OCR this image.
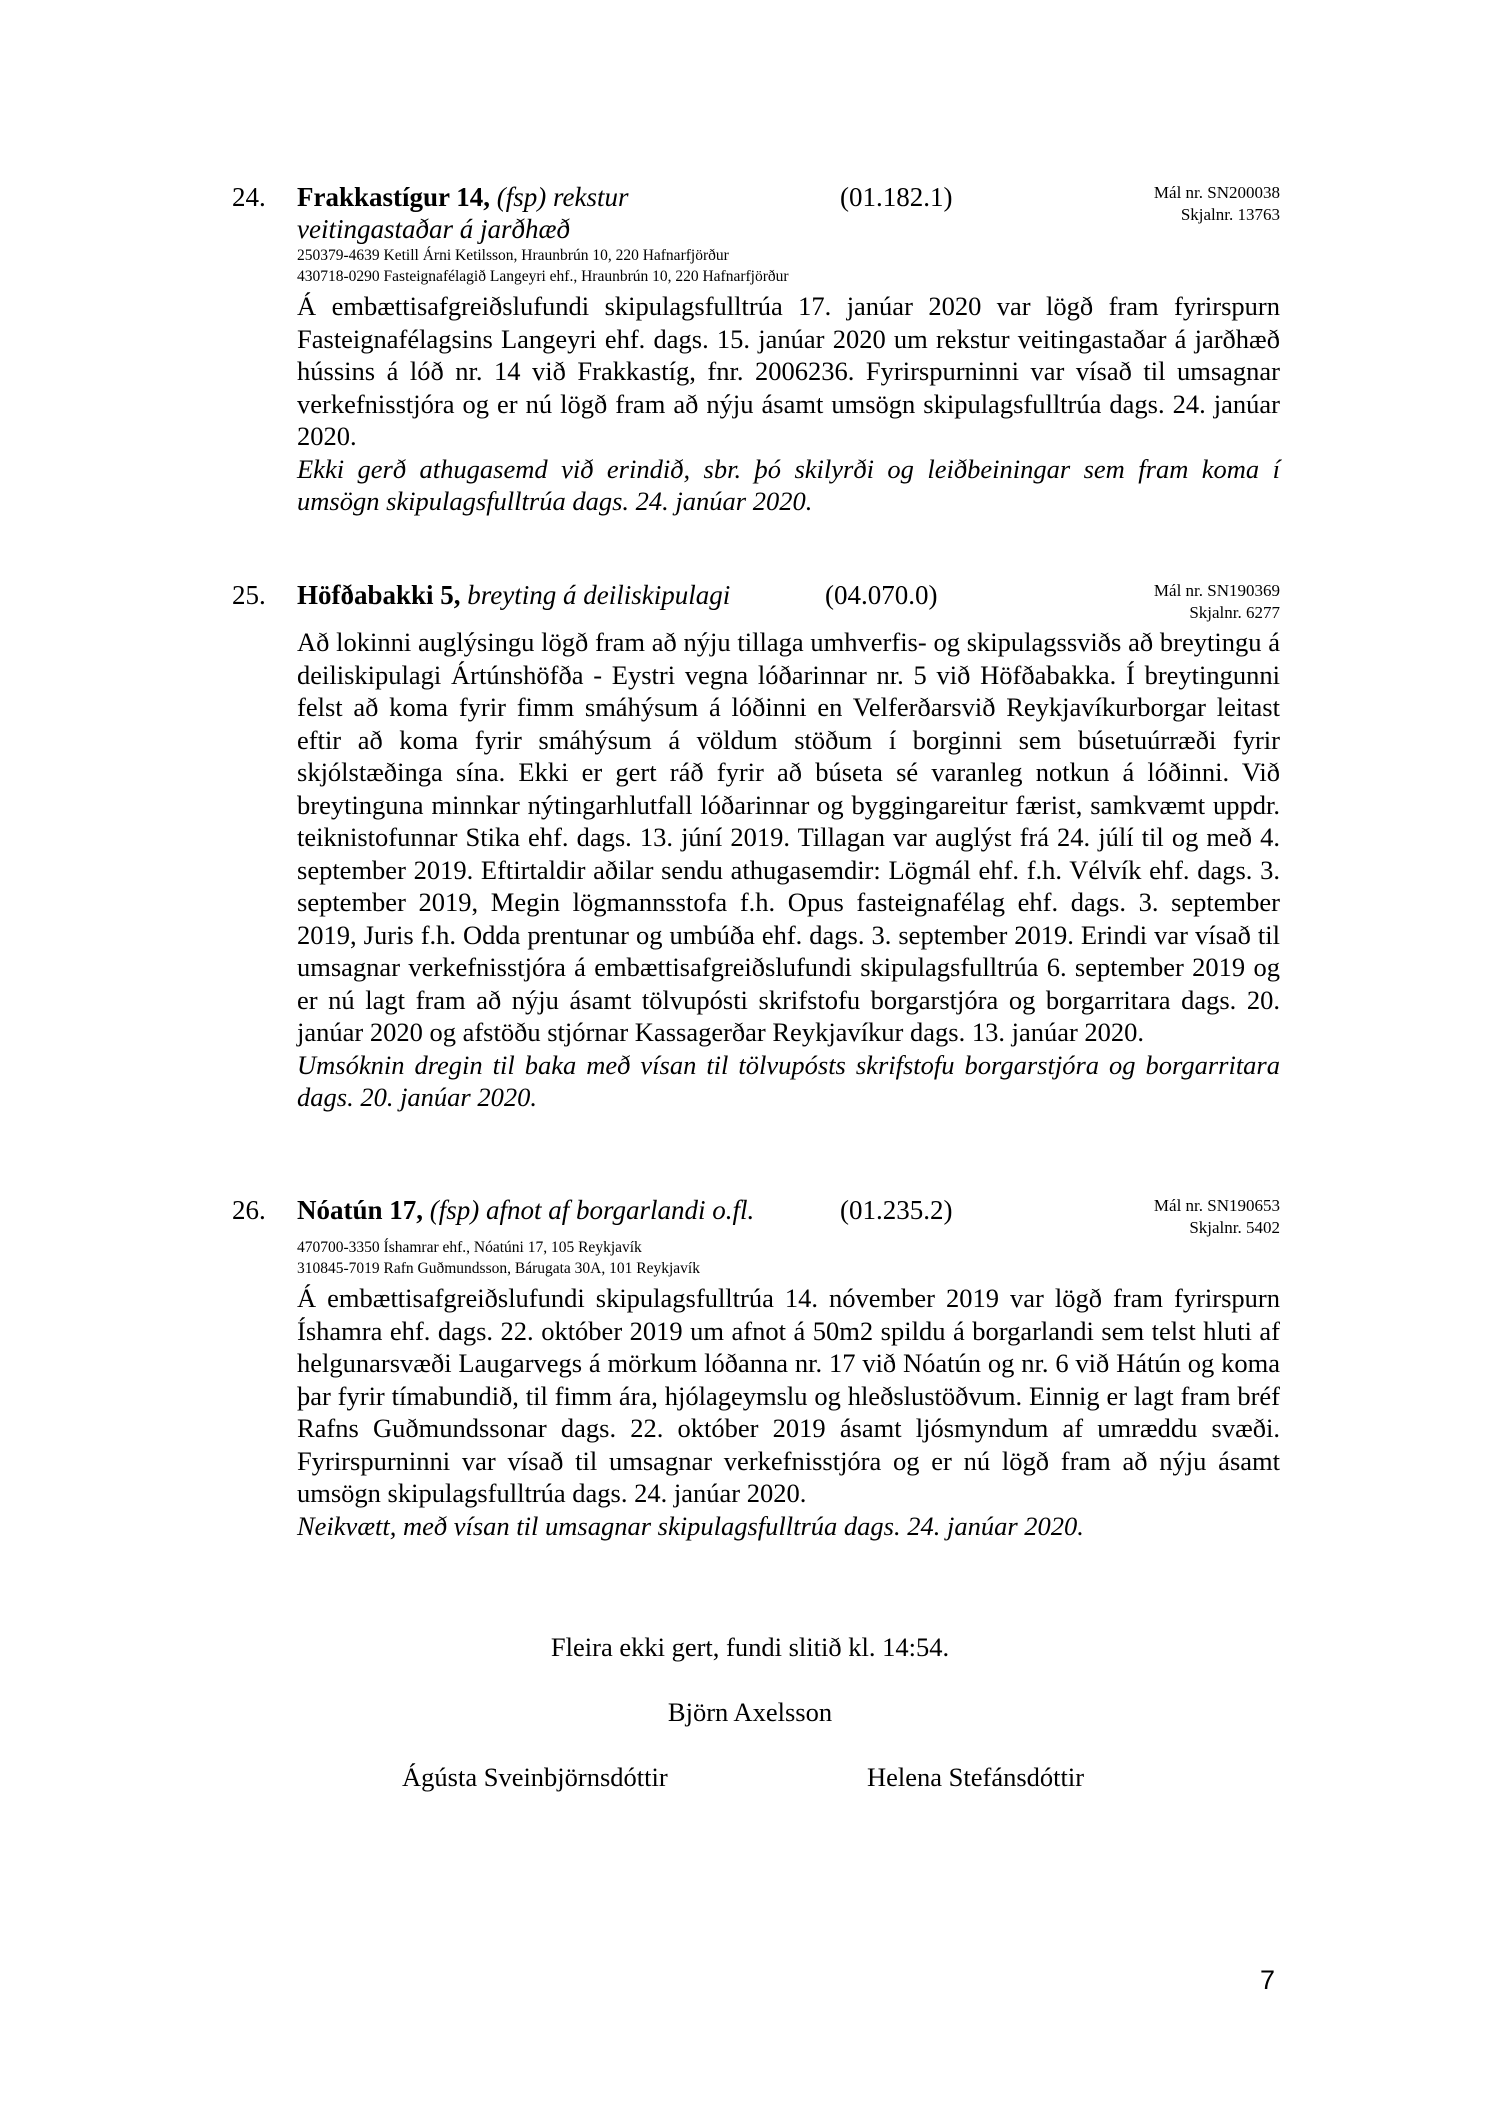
24. Frakkastígur 14, (fsp) rekstur
veitingastaðar á jarðhæð
(01.182.1)	Mál nr. SN200038
Skjalnr. 13763
250379-4639 Ketill Árni Ketilsson, Hraunbrún 10, 220 Hafnarfjörður
430718-0290 Fasteignafélagið Langeyri ehf., Hraunbrún 10, 220 Hafnarfjörður

Á embættisafgreiðslufundi skipulagsfulltrúa 17. janúar 2020 var lögð fram fyrirspurn Fasteignafélagsins Langeyri ehf. dags. 15. janúar 2020 um rekstur veitingastaðar á jarðhæð hússins á lóð nr. 14 við Frakkastíg, fnr. 2006236. Fyrirspurninni var vísað til umsagnar verkefnisstjóra og er nú lögð fram að nýju ásamt umsögn skipulagsfulltrúa dags. 24. janúar 2020.

Ekki gerð athugasemd við erindið, sbr. þó skilyrði og leiðbeiningar sem fram koma í umsögn skipulagsfulltrúa dags. 24. janúar 2020.

25. Höfðabakki 5, breyting á deiliskipulagi	(04.070.0)	Mál nr. SN190369
Skjalnr. 6277

Að lokinni auglýsingu lögð fram að nýju tillaga umhverfis- og skipulagssviðs að breytingu á deiliskipulagi Ártúnshöfða - Eystri vegna lóðarinnar nr. 5 við Höfðabakka. Í breytingunni felst að koma fyrir fimm smáhýsum á lóðinni en Velferðarsvið Reykjavíkurborgar leitast eftir að koma fyrir smáhýsum á völdum stöðum í borginni sem búsetuúrræði fyrir skjólstæðinga sína. Ekki er gert ráð fyrir að búseta sé varanleg notkun á lóðinni. Við breytinguna minnkar nýtingarhlutfall lóðarinnar og byggingareitur færist, samkvæmt uppdr. teiknistofunnar Stika ehf. dags. 13. júní 2019. Tillagan var auglýst frá 24. júlí til og með 4. september 2019. Eftirtaldir aðilar sendu athugasemdir: Lögmál ehf. f.h. Vélvík ehf. dags. 3. september 2019, Megin lögmannsstofa f.h. Opus fasteignafélag ehf. dags. 3. september 2019, Juris f.h. Odda prentunar og umbúða ehf. dags. 3. september 2019. Erindi var vísað til umsagnar verkefnisstjóra á embættisafgreiðslufundi skipulagsfulltrúa 6. september 2019 og er nú lagt fram að nýju ásamt tölvupósti skrifstofu borgarstjóra og borgarritara dags. 20. janúar 2020 og afstöðu stjórnar Kassagerðar Reykjavíkur dags. 13. janúar 2020.

Umsóknin dregin til baka með vísan til tölvupósts skrifstofu borgarstjóra og borgarritara dags. 20. janúar 2020.

26. Nóatún 17, (fsp) afnot af borgarlandi o.fl.	(01.235.2)	Mál nr. SN190653
Skjalnr. 5402
470700-3350 Íshamrar ehf., Nóatúni 17, 105 Reykjavík
310845-7019 Rafn Guðmundsson, Bárugata 30A, 101 Reykjavík

Á embættisafgreiðslufundi skipulagsfulltrúa 14. nóvember 2019 var lögð fram fyrirspurn Íshamra ehf. dags. 22. október 2019 um afnot á 50m2 spildu á borgarlandi sem telst hluti af helgunarsvæði Laugarvegs á mörkum lóðanna nr. 17 við Nóatún og nr. 6 við Hátún og koma þar fyrir tímabundið, til fimm ára, hjólageymslu og hleðslustöðvum. Einnig er lagt fram bréf Rafns Guðmundssonar dags. 22. október 2019 ásamt ljósmyndum af umræddu svæði. Fyrirspurninni var vísað til umsagnar verkefnisstjóra og er nú lögð fram að nýju ásamt umsögn skipulagsfulltrúa dags. 24. janúar 2020.

Neikvætt, með vísan til umsagnar skipulagsfulltrúa dags. 24. janúar 2020.

Fleira ekki gert, fundi slitið kl. 14:54.
Björn Axelsson
Ágústa Sveinbjörnsdóttir	Helena Stefánsdóttir
7
